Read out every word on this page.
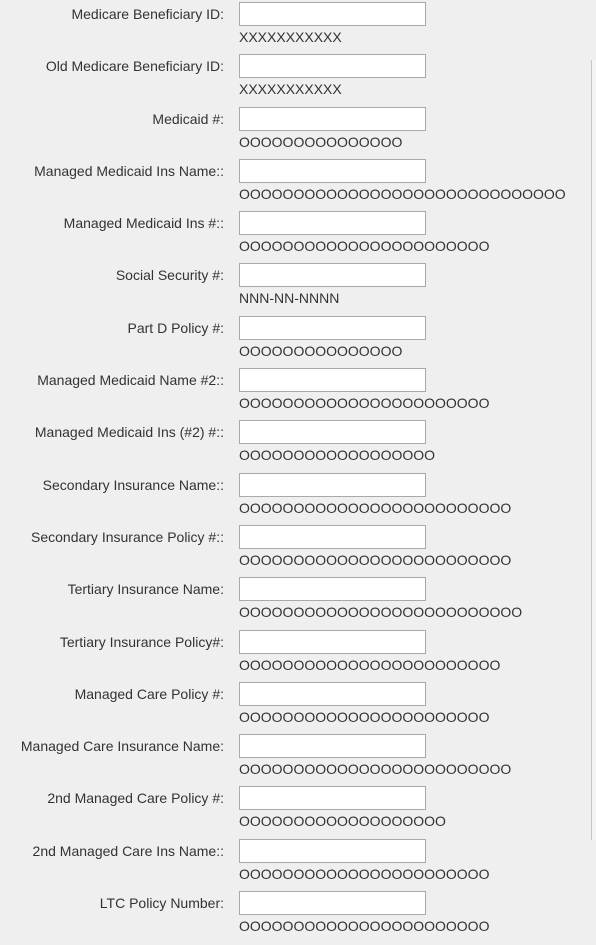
Medicare Beneficiary ID:
XXXXXXXXXXX
Old Medicare Beneficiary ID:
XXXXXXXXXXX
Medicaid #:
OOOOOOOOOOOOOOO
Managed Medicaid Ins Name::
OOOOOOOOOOOOOOOOOOOOOOOOOOOOOO
Managed Medicaid Ins #::
OOOOOOOOOOOOOOOOOOOOOOO
Social Security #:
NNN-NN-NNNN
Part D Policy #:
OOOOOOOOOOOOOOO
Managed Medicaid Name #2::
OOOOOOOOOOOOOOOOOOOOOOO
Managed Medicaid Ins (#2) #::
OOOOOOOOOOOOOOOOOO
Secondary Insurance Name::
OOOOOOOOOOOOOOOOOOOOOOOOO
Secondary Insurance Policy #::
OOOOOOOOOOOOOOOOOOOOOOOOO
Tertiary Insurance Name:
OOOOOOOOOOOOOOOOOOOOOOOOOO
Tertiary Insurance Policy#:
OOOOOOOOOOOOOOOOOOOOOOOO
Managed Care Policy #:
OOOOOOOOOOOOOOOOOOOOOOO
Managed Care Insurance Name:
OOOOOOOOOOOOOOOOOOOOOOOOO
2nd Managed Care Policy #:
OOOOOOOOOOOOOOOOOOO
2nd Managed Care Ins Name::
OOOOOOOOOOOOOOOOOOOOOOO
LTC Policy Number:
OOOOOOOOOOOOOOOOOOOOOOO
